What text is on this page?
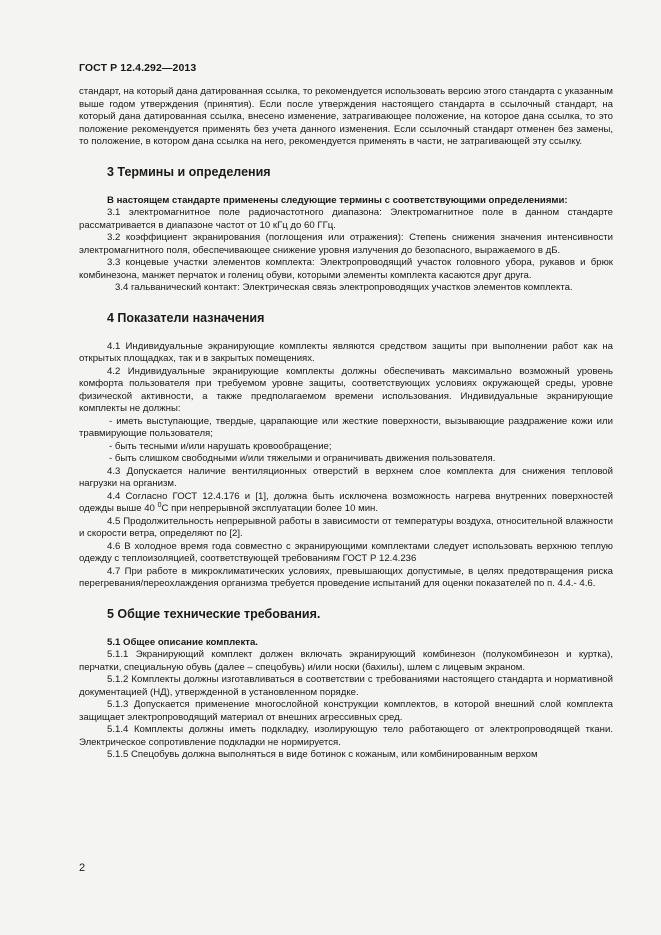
ГОСТ Р 12.4.292—2013

стандарт, на который дана датированная ссылка, то рекомендуется использовать версию этого стандарта с указанным выше годом утверждения (принятия). Если после утверждения настоящего стандарта в ссылочный стандарт, на который дана датированная ссылка, внесено изменение, затрагивающее положение, на которое дана ссылка, то это положение рекомендуется применять без учета данного изменения. Если ссылочный стандарт отменен без замены, то положение, в котором дана ссылка на него, рекомендуется применять в части, не затрагивающей эту ссылку.

3 Термины и определения

В настоящем стандарте применены следующие термины с соответствующими определениями:

3.1 электромагнитное поле радиочастотного диапазона: Электромагнитное поле в данном стандарте рассматривается в диапазоне частот от 10 кГц до 60 ГГц.

3.2 коэффициент экранирования (поглощения или отражения): Степень снижения значения интенсивности электромагнитного поля, обеспечивающее снижение уровня излучения до безопасного, выражаемого в дБ.

3.3 концевые участки элементов комплекта: Электропроводящий участок головного убора, рукавов и брюк комбинезона, манжет перчаток и голениц обуви, которыми элементы комплекта касаются друг друга.

3.4 гальванический контакт: Электрическая связь электропроводящих участков элементов комплекта.

4 Показатели назначения

4.1 Индивидуальные экранирующие комплекты являются средством защиты при выполнении работ как на открытых площадках, так и в закрытых помещениях.

4.2 Индивидуальные экранирующие комплекты должны обеспечивать максимально возможный уровень комфорта пользователя при требуемом уровне защиты, соответствующих условиях окружающей среды, уровне физической активности, а также предполагаемом времени использования. Индивидуальные экранирующие комплекты не должны:

- иметь выступающие, твердые, царапающие или жесткие поверхности, вызывающие раздражение кожи или травмирующие пользователя;

- быть тесными и/или нарушать кровообращение;

- быть слишком свободными и/или тяжелыми и ограничивать движения пользователя.

4.3 Допускается наличие вентиляционных отверстий в верхнем слое комплекта для снижения тепловой нагрузки на организм.

4.4 Согласно ГОСТ 12.4.176 и [1], должна быть исключена возможность нагрева внутренних поверхностей одежды выше 40 $^0$С при непрерывной эксплуатации более 10 мин.

4.5 Продолжительность непрерывной работы в зависимости от температуры воздуха, относительной влажности и скорости ветра, определяют по [2].

4.6 В холодное время года совместно с экранирующими комплектами следует использовать верхнюю теплую одежду с теплоизоляцией, соответствующей требованиям ГОСТ Р 12.4.236

4.7 При работе в микроклиматических условиях, превышающих допустимые, в целях предотвращения риска перегревания/переохлаждения организма требуется проведение испытаний для оценки показателей по п. 4.4.- 4.6.

5 Общие технические требования.

5.1 Общее описание комплекта.

5.1.1 Экранирующий комплект должен включать экранирующий комбинезон (полукомбинезон и куртка), перчатки, специальную обувь (далее – спецобувь) и/или носки (бахилы), шлем с лицевым экраном.

5.1.2 Комплекты должны изготавливаться в соответствии с требованиями настоящего стандарта и нормативной документацией (НД), утвержденной в установленном порядке.

5.1.3 Допускается применение многослойной конструкции комплектов, в которой внешний слой комплекта защищает электропроводящий материал от внешних агрессивных сред.

5.1.4 Комплекты должны иметь подкладку, изолирующую тело работающего от электропроводящей ткани. Электрическое сопротивление подкладки не нормируется.

5.1.5 Спецобувь должна выполняться в виде ботинок с кожаным, или комбинированным верхом

2
